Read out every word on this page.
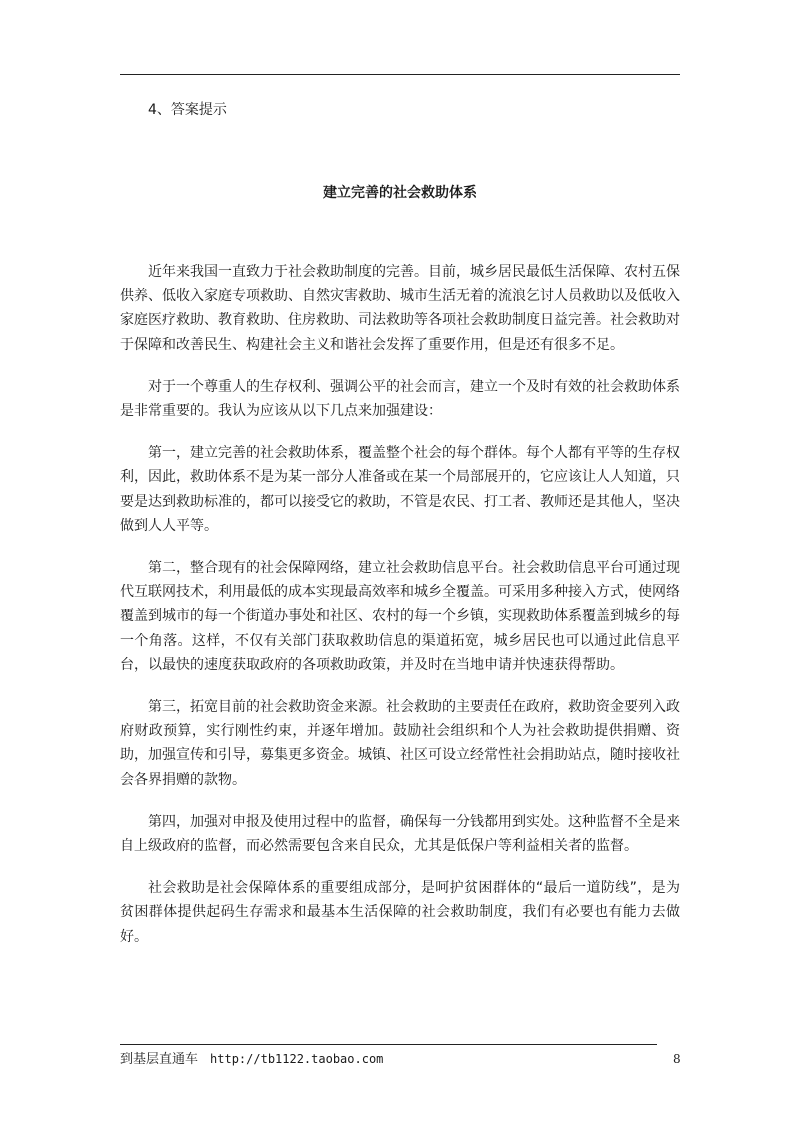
4、答案提示
建立完善的社会救助体系

近年来我国一直致力于社会救助制度的完善。目前，城乡居民最低生活保障、农村五保供养、低收入家庭专项救助、自然灾害救助、城市生活无着的流浪乞讨人员救助以及低收入家庭医疗救助、教育救助、住房救助、司法救助等各项社会救助制度日益完善。社会救助对于保障和改善民生、构建社会主义和谐社会发挥了重要作用，但是还有很多不足。

对于一个尊重人的生存权利、强调公平的社会而言，建立一个及时有效的社会救助体系是非常重要的。我认为应该从以下几点来加强建设：

第一，建立完善的社会救助体系，覆盖整个社会的每个群体。每个人都有平等的生存权利，因此，救助体系不是为某一部分人准备或在某一个局部展开的，它应该让人人知道，只要是达到救助标准的，都可以接受它的救助，不管是农民、打工者、教师还是其他人，坚决做到人人平等。

第二，整合现有的社会保障网络，建立社会救助信息平台。社会救助信息平台可通过现代互联网技术，利用最低的成本实现最高效率和城乡全覆盖。可采用多种接入方式，使网络覆盖到城市的每一个街道办事处和社区、农村的每一个乡镇，实现救助体系覆盖到城乡的每一个角落。这样，不仅有关部门获取救助信息的渠道拓宽，城乡居民也可以通过此信息平台，以最快的速度获取政府的各项救助政策，并及时在当地申请并快速获得帮助。

第三，拓宽目前的社会救助资金来源。社会救助的主要责任在政府，救助资金要列入政府财政预算，实行刚性约束，并逐年增加。鼓励社会组织和个人为社会救助提供捐赠、资助，加强宣传和引导，募集更多资金。城镇、社区可设立经常性社会捐助站点，随时接收社会各界捐赠的款物。

第四，加强对申报及使用过程中的监督，确保每一分钱都用到实处。这种监督不全是来自上级政府的监督，而必然需要包含来自民众，尤其是低保户等利益相关者的监督。

社会救助是社会保障体系的重要组成部分，是呵护贫困群体的“最后一道防线”，是为贫困群体提供起码生存需求和最基本生活保障的社会救助制度，我们有必要也有能力去做好。

到基层直通车 http://tb1122.taobao.com	8
